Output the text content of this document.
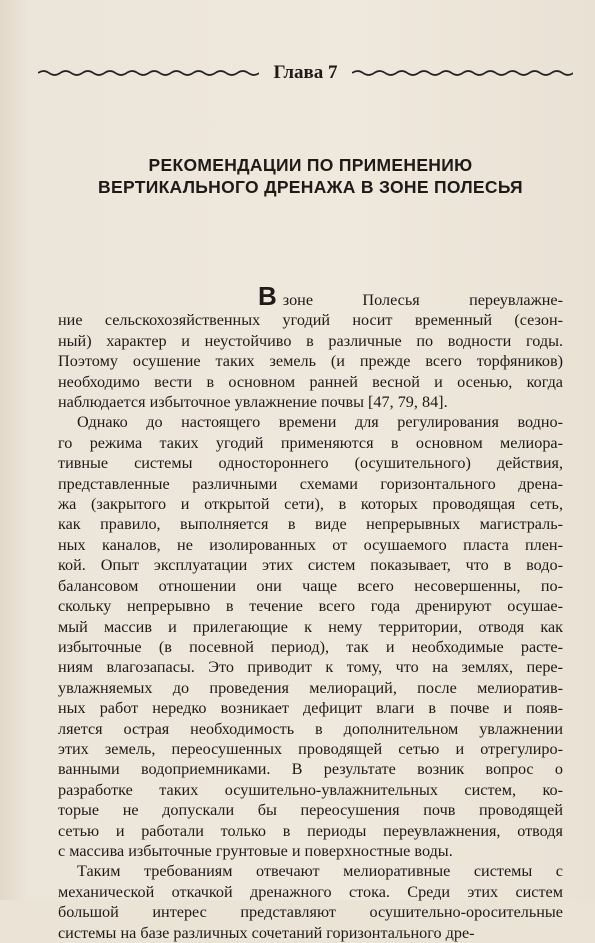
Глава 7
РЕКОМЕНДАЦИИ ПО ПРИМЕНЕНИЮ
ВЕРТИКАЛЬНОГО ДРЕНАЖА В ЗОНЕ ПОЛЕСЬЯ
Взоне Полесья переувлажне-
ние сельскохозяйственных угодий носит временный (сезон-
ный) характер и неустойчиво в различные по водности годы.
Поэтому осушение таких земель (и прежде всего торфяников)
необходимо вести в основном ранней весной и осенью, когда
наблюдается избыточное увлажнение почвы [47, 79, 84].
Однако до настоящего времени для регулирования водно-
го режима таких угодий применяются в основном мелиора-
тивные системы одностороннего (осушительного) действия,
представленные различными схемами горизонтального дрена-
жа (закрытого и открытой сети), в которых проводящая сеть,
как правило, выполняется в виде непрерывных магистраль-
ных каналов, не изолированных от осушаемого пласта плен-
кой. Опыт эксплуатации этих систем показывает, что в водо-
балансовом отношении они чаще всего несовершенны, по-
скольку непрерывно в течение всего года дренируют осушае-
мый массив и прилегающие к нему территории, отводя как
избыточные (в посевной период), так и необходимые расте-
ниям влагозапасы. Это приводит к тому, что на землях, пере-
увлажняемых до проведения мелиораций, после мелиоратив-
ных работ нередко возникает дефицит влаги в почве и появ-
ляется острая необходимость в дополнительном увлажнении
этих земель, переосушенных проводящей сетью и отрегулиро-
ванными водоприемниками. В результате возник вопрос о
разработке таких осушительно-увлажнительных систем, ко-
торые не допускали бы переосушения почв проводящей
сетью и работали только в периоды переувлажнения, отводя
с массива избыточные грунтовые и поверхностные воды.
Таким требованиям отвечают мелиоративные системы с
механической откачкой дренажного стока. Среди этих систем
большой интерес представляют осушительно-оросительные
системы на базе различных сочетаний горизонтального дре-
